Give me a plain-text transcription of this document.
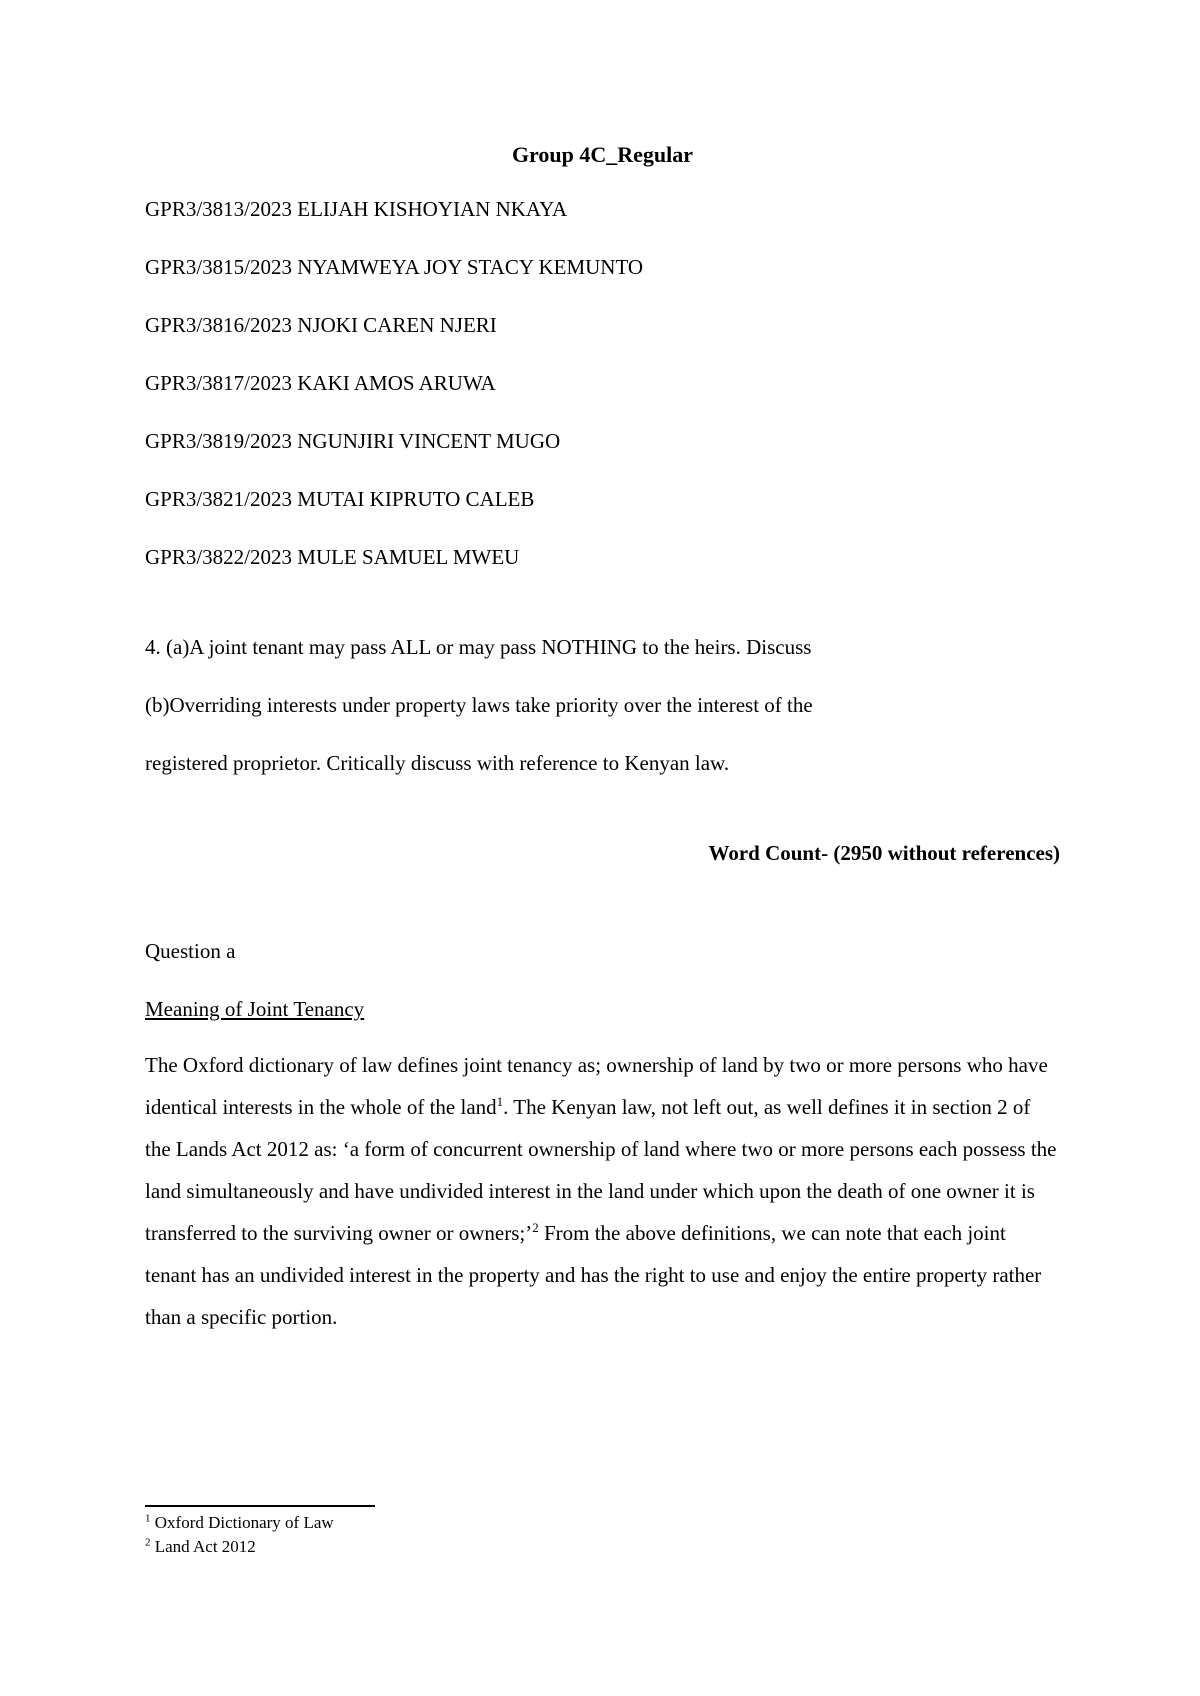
Group 4C_Regular
GPR3/3813/2023 ELIJAH KISHOYIAN NKAYA
GPR3/3815/2023 NYAMWEYA JOY STACY KEMUNTO
GPR3/3816/2023 NJOKI CAREN NJERI
GPR3/3817/2023 KAKI AMOS ARUWA
GPR3/3819/2023 NGUNJIRI VINCENT MUGO
GPR3/3821/2023 MUTAI KIPRUTO CALEB
GPR3/3822/2023 MULE SAMUEL MWEU
4. (a)A joint tenant may pass ALL or may pass NOTHING to the heirs. Discuss
(b)Overriding interests under property laws take priority over the interest of the
registered proprietor. Critically discuss with reference to Kenyan law.
Word Count- (2950 without references)
Question a
Meaning of Joint Tenancy

The Oxford dictionary of law defines joint tenancy as; ownership of land by two or more persons who have identical interests in the whole of the land$^1$. The Kenyan law, not left out, as well defines it in section 2 of the Lands Act 2012 as: ‘a form of concurrent ownership of land where two or more persons each possess the land simultaneously and have undivided interest in the land under which upon the death of one owner it is transferred to the surviving owner or owners;’$^2$ From the above definitions, we can note that each joint tenant has an undivided interest in the property and has the right to use and enjoy the entire property rather than a specific portion.

$^1$ Oxford Dictionary of Law

$^2$ Land Act 2012
